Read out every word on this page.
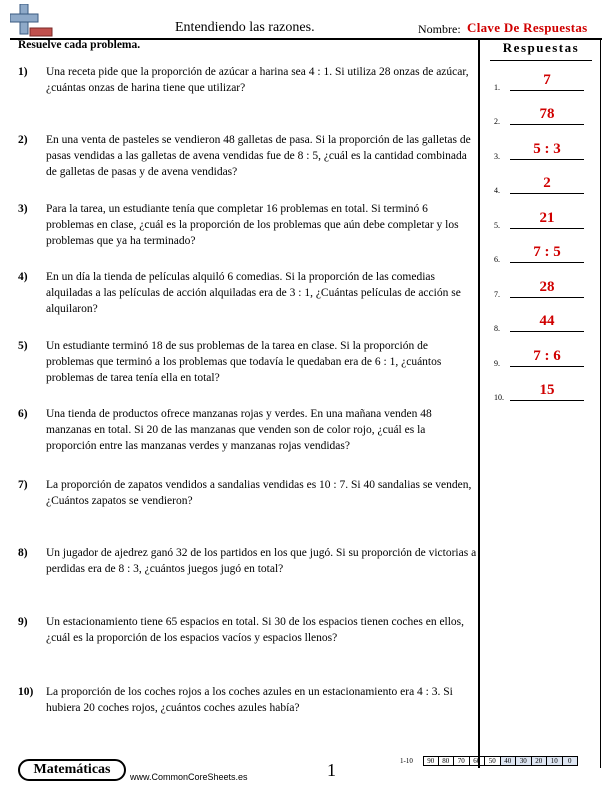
Entendiendo las razones.	Nombre: Clave De Respuestas
Resuelve cada problema.	Respuestas
1)	Una receta pide que la proporción de azúcar a harina sea 4 : 1. Si utiliza 28 onzas de azúcar, ¿cuántas onzas de harina tiene que utilizar?
2)	En una venta de pasteles se vendieron 48 galletas de pasa. Si la proporción de las galletas de pasas vendidas a las galletas de avena vendidas fue de 8 : 5, ¿cuál es la cantidad combinada de galletas de pasas y de avena vendidas?
3)	Para la tarea, un estudiante tenía que completar 16 problemas en total. Si terminó 6 problemas en clase, ¿cuál es la proporción de los problemas que aún debe completar y los problemas que ya ha terminado?
4)	En un día la tienda de películas alquiló 6 comedias. Si la proporción de las comedias alquiladas a las películas de acción alquiladas era de 3 : 1, ¿Cuántas películas de acción se alquilaron?
5)	Un estudiante terminó 18 de sus problemas de la tarea en clase. Si la proporción de problemas que terminó a los problemas que todavía le quedaban era de 6 : 1, ¿cuántos problemas de tarea tenía ella en total?
6)	Una tienda de productos ofrece manzanas rojas y verdes. En una mañana venden 48 manzanas en total. Si 20 de las manzanas que venden son de color rojo, ¿cuál es la proporción entre las manzanas verdes y manzanas rojas vendidas?
7)	La proporción de zapatos vendidos a sandalias vendidas es 10 : 7. Si 40 sandalias se venden, ¿Cuántos zapatos se vendieron?
8)	Un jugador de ajedrez ganó 32 de los partidos en los que jugó. Si su proporción de victorias a perdidas era de 8 : 3, ¿cuántos juegos jugó en total?
9)	Un estacionamiento tiene 65 espacios en total. Si 30 de los espacios tienen coches en ellos, ¿cuál es la proporción de los espacios vacíos y espacios llenos?
10)	La proporción de los coches rojos a los coches azules en un estacionamiento era 4 : 3. Si hubiera 20 coches rojos, ¿cuántos coches azules había?
1.	7
2.	78
3.	5 : 3
4.	2
5.	21
6.	7 : 5
7.	28
8.	44
9.	7 : 6
10.	15
Matemáticas	www.CommonCoreSheets.es	1	1-10	90	80	70	60	50	40	30	20	10	0
